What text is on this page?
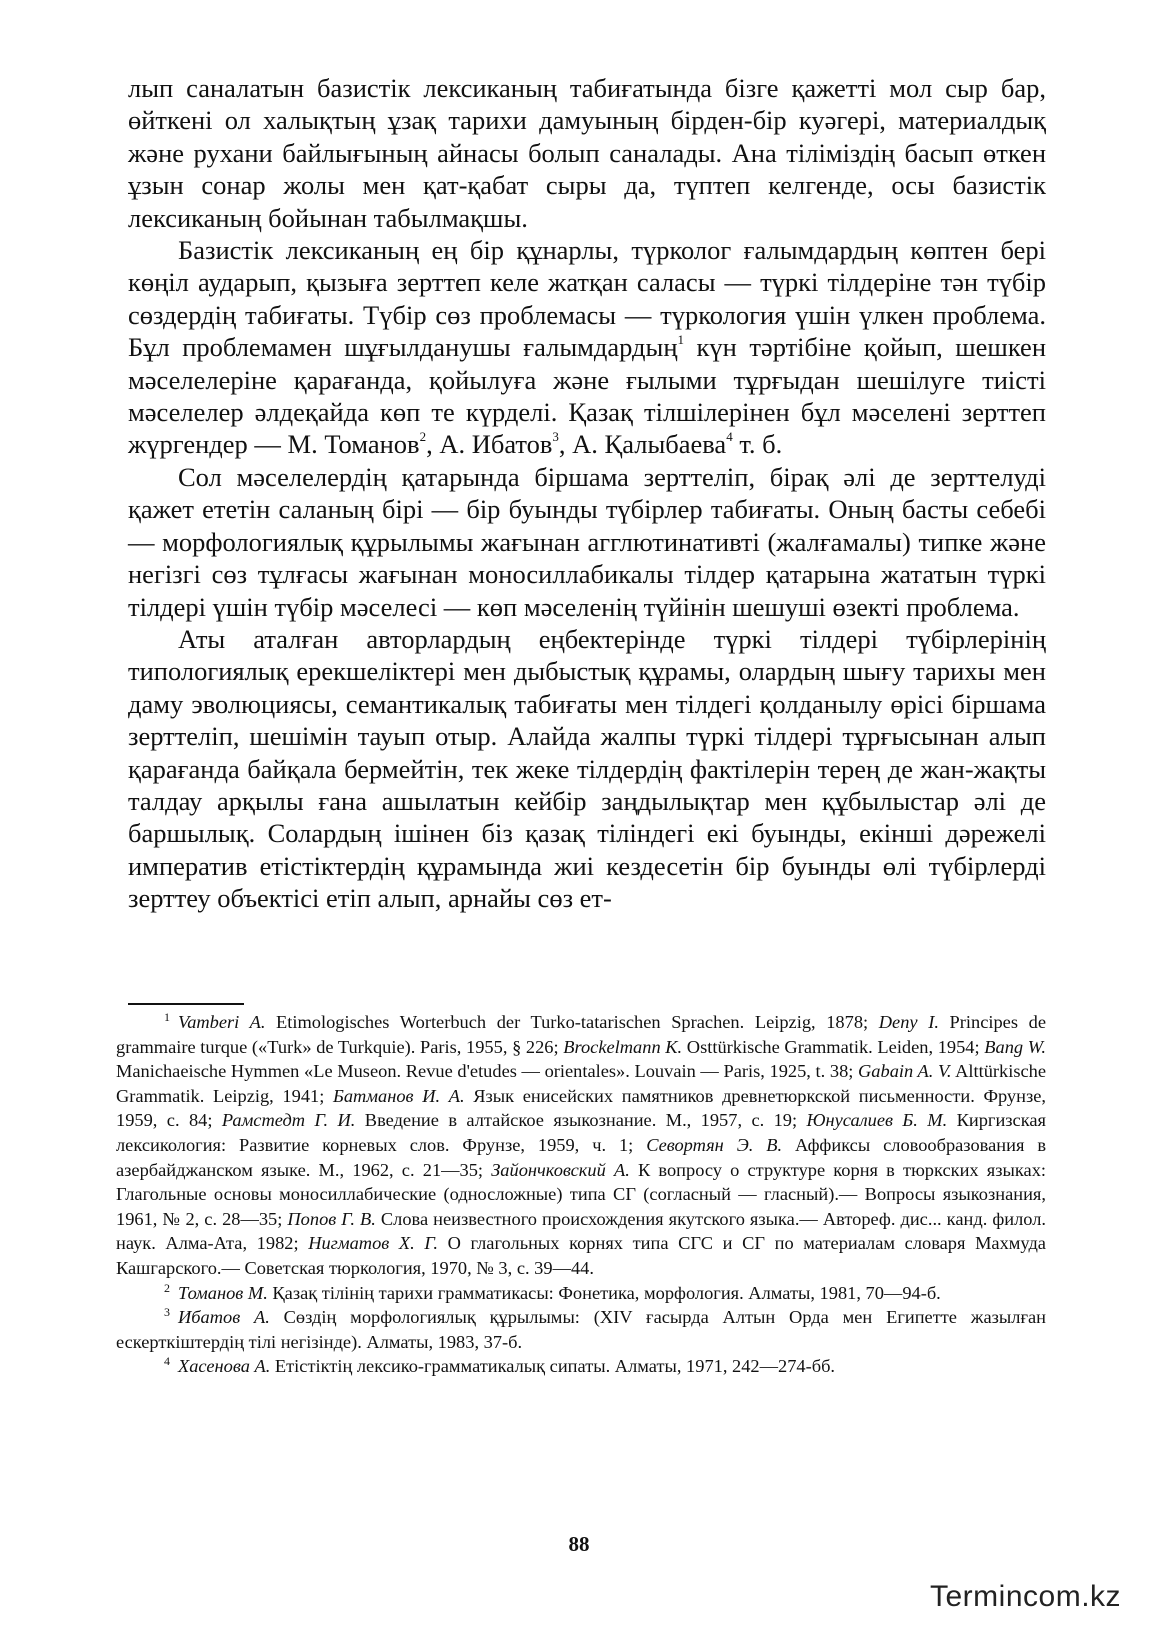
лып саналатын базистік лексиканың табиғатында бізге қажетті мол сыр бар, өйткені ол халықтың ұзақ тарихи дамуының бірден-бір куәгері, материалдық және рухани байлығының айнасы болып саналады. Ана тіліміздің басып өткен ұзын сонар жолы мен қат-қабат сыры да, түптеп келгенде, осы базистік лексиканың бойынан табылмақшы.

Базистік лексиканың ең бір құнарлы, түрколог ғалымдардың көптен бері көңіл аударып, қызыға зерттеп келе жатқан саласы — түркі тілдеріне тән түбір сөздердің табиғаты. Түбір сөз проблемасы — түркология үшін үлкен проблема. Бұл проблемамен шұғылданушы ғалымдардың$^1$ күн тәртібіне қойып, шешкен мәселелеріне қарағанда, қойылуға және ғылыми тұрғыдан шешілуге тиісті мәселелер әлдеқайда көп те күрделі. Қазақ тілшілерінен бұл мәселені зерттеп жүргендер — М. Томанов$^2$, А. Ибатов$^3$, А. Қалыбаева$^4$ т. б.

Сол мәселелердің қатарында біршама зерттеліп, бірақ әлі де зерттелуді қажет ететін саланың бірі — бір буынды түбірлер табиғаты. Оның басты себебі — морфологиялық құрылымы жағынан агглютинативті (жалғамалы) типке және негізгі сөз тұлғасы жағынан моносиллабикалы тілдер қатарына жататын түркі тілдері үшін түбір мәселесі — көп мәселенің түйінін шешуші өзекті проблема.

Аты аталған авторлардың еңбектерінде түркі тілдері түбірлерінің типологиялық ерекшеліктері мен дыбыстық құрамы, олардың шығу тарихы мен даму эволюциясы, семантикалық табиғаты мен тілдегі қолданылу өрісі біршама зерттеліп, шешімін тауып отыр. Алайда жалпы түркі тілдері тұрғысынан алып қарағанда байқала бермейтін, тек жеке тілдердің фактілерін терең де жан-жақты талдау арқылы ғана ашылатын кейбір заңдылықтар мен құбылыстар әлі де баршылық. Солардың ішінен біз қазақ тіліндегі екі буынды, екінші дәрежелі императив етістіктердің құрамында жиі кездесетін бір буынды өлі түбірлерді зерттеу объектісі етіп алып, арнайы сөз ет-

$^1$ Vamberi A. Etimologisches Worterbuch der Turko-tatarischen Sprachen. Leipzig, 1878; Deny I. Principes de grammaire turque («Turk» de Turkquie). Paris, 1955, § 226; Brockelmann K. Osttürkische Grammatik. Leiden, 1954; Bang W. Manichaeische Hymmen «Le Museon. Revue d'etudes — orientales». Louvain — Paris, 1925, t. 38; Gabain A. V. Alttürkische Grammatik. Leipzig, 1941; Батманов И. А. Язык енисейских памятников древнетюркской письменности. Фрунзе, 1959, с. 84; Рамстедт Г. И. Введение в алтайское языкознание. М., 1957, с. 19; Юнусалиев Б. М. Киргизская лексикология: Развитие корневых слов. Фрунзе, 1959, ч. 1; Севортян Э. В. Аффиксы словообразования в азербайджанском языке. М., 1962, с. 21—35; Зайончковский А. К вопросу о структуре корня в тюркских языках: Глагольные основы моносиллабические (односложные) типа СГ (согласный — гласный).— Вопросы языкознания, 1961, № 2, с. 28—35; Попов Г. В. Слова неизвестного происхождения якутского языка.— Автореф. дис... канд. филол. наук. Алма-Ата, 1982; Нигматов Х. Г. О глагольных корнях типа СГС и СГ по материалам словаря Махмуда Кашгарского.— Советская тюркология, 1970, № 3, с. 39—44.

$^2$ Томанов М. Қазақ тілінің тарихи грамматикасы: Фонетика, морфология. Алматы, 1981, 70—94-б.

$^3$ Ибатов А. Сөздің морфологиялық құрылымы: (XIV ғасырда Алтын Орда мен Египетте жазылған ескерткіштердің тілі негізінде). Алматы, 1983, 37-б.

$^4$ Хасенова А. Етістіктің лексико-грамматикалық сипаты. Алматы, 1971, 242—274-бб.

88
Termincom.kz
